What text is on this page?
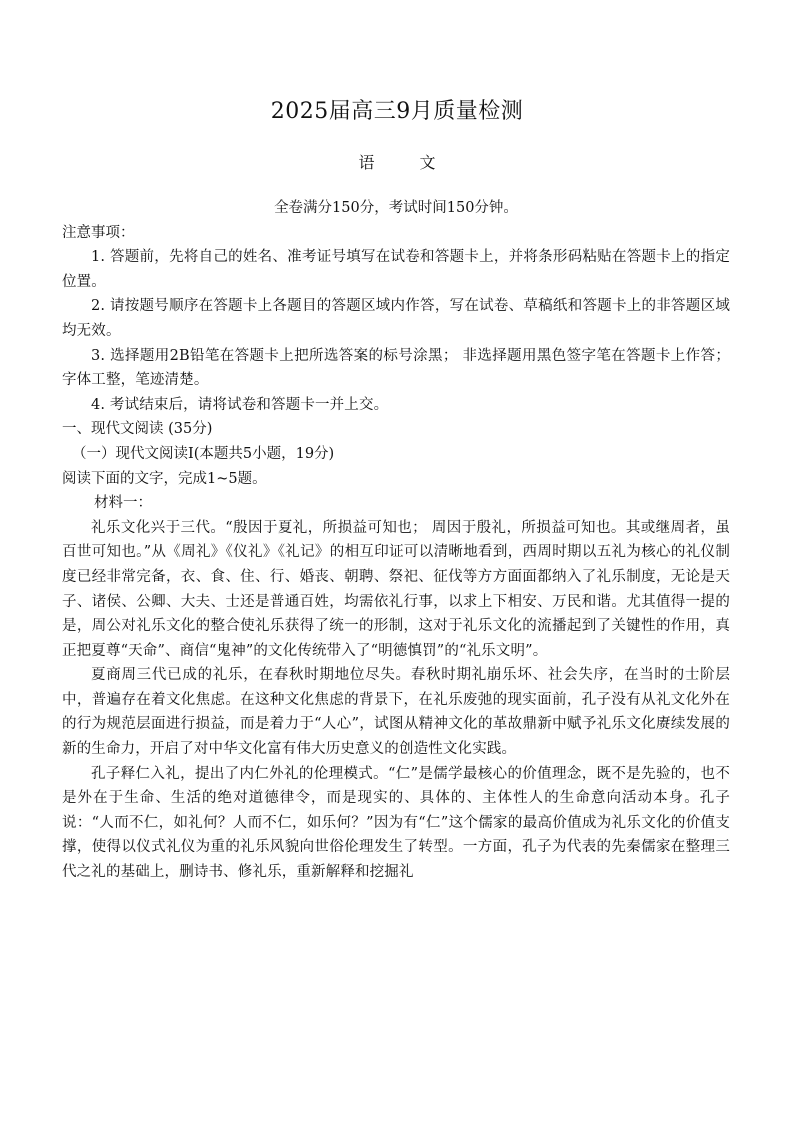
2025届高三9月质量检测
语 文
全卷满分150分，考试时间150分钟。
注意事项：

1. 答题前，先将自己的姓名、准考证号填写在试卷和答题卡上，并将条形码粘贴在答题卡上的指定位置。

2. 请按题号顺序在答题卡上各题目的答题区域内作答，写在试卷、草稿纸和答题卡上的非答题区域均无效。

3. 选择题用2B铅笔在答题卡上把所选答案的标号涂黑； 非选择题用黑色签字笔在答题卡上作答； 字体工整，笔迹清楚。

4. 考试结束后，请将试卷和答题卡一并上交。

一、现代文阅读 (35分)
（一）现代文阅读Ⅰ(本题共5小题，19分)
阅读下面的文字，完成1~5题。
材料一：

礼乐文化兴于三代。“殷因于夏礼，所损益可知也； 周因于殷礼，所损益可知也。其或继周者，虽百世可知也。”从《周礼》《仪礼》《礼记》的相互印证可以清晰地看到，西周时期以五礼为核心的礼仪制度已经非常完备，衣、食、住、行、婚丧、朝聘、祭祀、征伐等方方面面都纳入了礼乐制度，无论是天子、诸侯、公卿、大夫、士还是普通百姓，均需依礼行事，以求上下相安、万民和谐。尤其值得一提的是，周公对礼乐文化的整合使礼乐获得了统一的形制，这对于礼乐文化的流播起到了关键性的作用，真正把夏尊“天命”、商信“鬼神”的文化传统带入了“明德慎罚”的“礼乐文明”。

夏商周三代已成的礼乐，在春秋时期地位尽失。春秋时期礼崩乐坏、社会失序，在当时的士阶层中，普遍存在着文化焦虑。在这种文化焦虑的背景下，在礼乐废弛的现实面前，孔子没有从礼文化外在的行为规范层面进行损益，而是着力于“人心”，试图从精神文化的革故鼎新中赋予礼乐文化赓续发展的新的生命力，开启了对中华文化富有伟大历史意义的创造性文化实践。

孔子释仁入礼，提出了内仁外礼的伦理模式。“仁”是儒学最核心的价值理念，既不是先验的，也不是外在于生命、生活的绝对道德律令，而是现实的、具体的、主体性人的生命意向活动本身。孔子说：“人而不仁，如礼何？人而不仁，如乐何？”因为有“仁”这个儒家的最高价值成为礼乐文化的价值支撑，使得以仪式礼仪为重的礼乐风貌向世俗伦理发生了转型。一方面，孔子为代表的先秦儒家在整理三代之礼的基础上，删诗书、修礼乐，重新解释和挖掘礼
